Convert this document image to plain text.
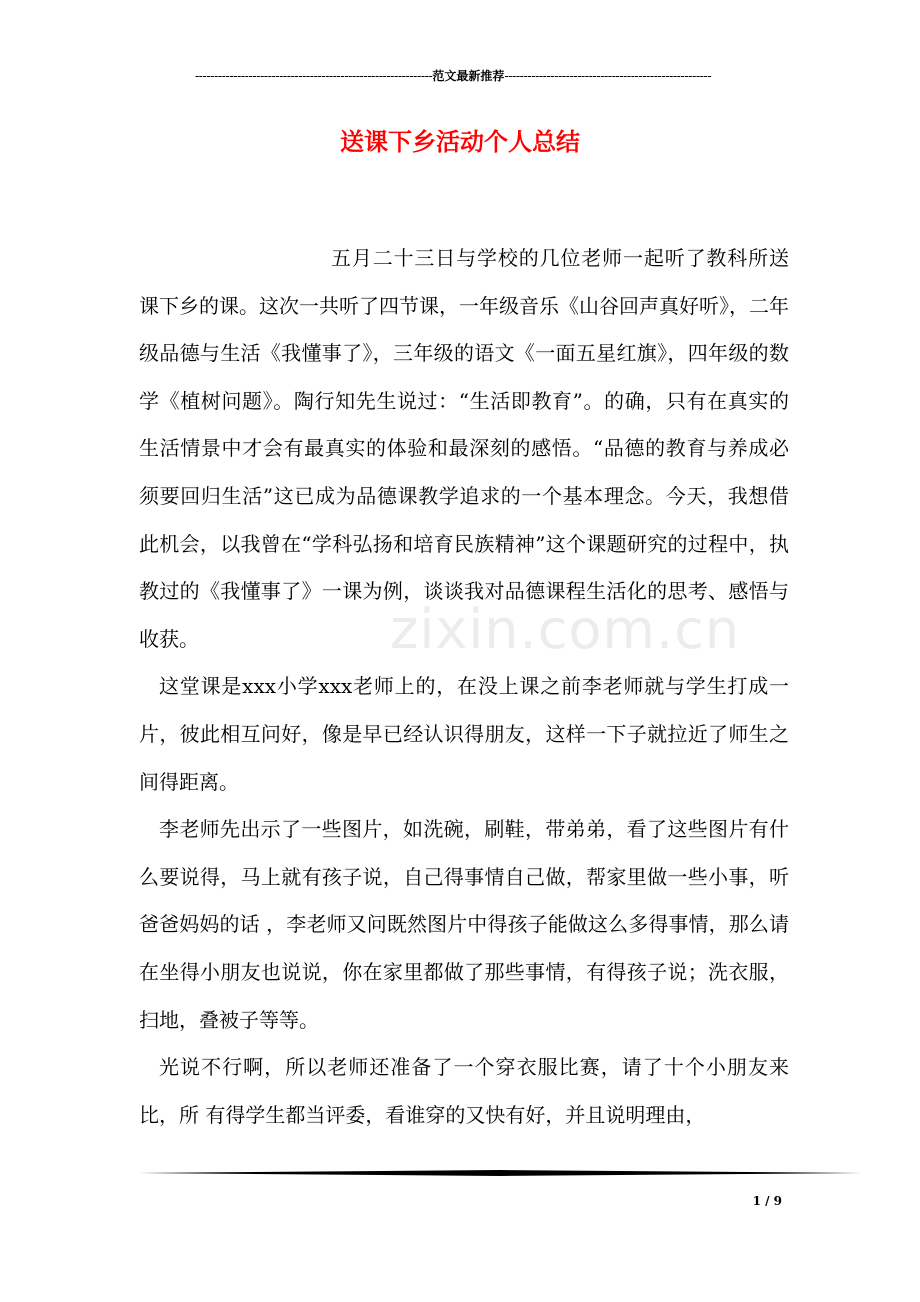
--------------------------------------------------------------范文最新推荐------------------------------------------------------
送课下乡活动个人总结

五月二十三日与学校的几位老师一起听了教科所送课下乡的课。这次一共听了四节课，一年级音乐《山谷回声真好听》，二年级品德与生活《我懂事了》，三年级的语文《一面五星红旗》，四年级的数学《植树问题》。陶行知先生说过：“生活即教育”。的确，只有在真实的生活情景中才会有最真实的体验和最深刻的感悟。“品德的教育与养成必须要回归生活”这已成为品德课教学追求的一个基本理念。今天，我想借此机会，以我曾在“学科弘扬和培育民族精神”这个课题研究的过程中，执教过的《我懂事了》一课为例，谈谈我对品德课程生活化的思考、感悟与收获。

这堂课是xxx小学xxx老师上的，在没上课之前李老师就与学生打成一片，彼此相互问好，像是早已经认识得朋友，这样一下子就拉近了师生之间得距离。

李老师先出示了一些图片，如洗碗，刷鞋，带弟弟，看了这些图片有什么要说得，马上就有孩子说，自己得事情自己做，帮家里做一些小事，听爸爸妈妈的话 ，李老师又问既然图片中得孩子能做这么多得事情，那么请在坐得小朋友也说说，你在家里都做了那些事情，有得孩子说；洗衣服，扫地，叠被子等等。

光说不行啊，所以老师还准备了一个穿衣服比赛，请了十个小朋友来比，所 有得学生都当评委，看谁穿的又快有好，并且说明理由，

zixin.com.cn
1 / 9
